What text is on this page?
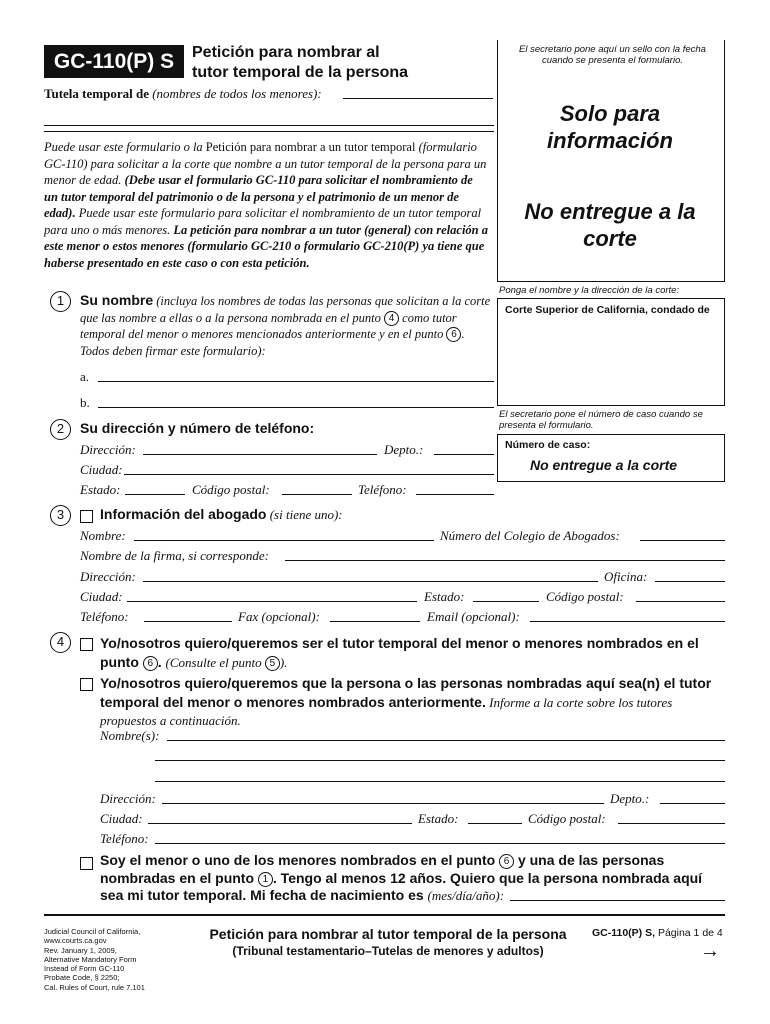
GC-110(P) S	Petición para nombrar al
tutor temporal de la persona
El secretario pone aquí un sello con la fecha cuando se presenta el formulario.
Solo para información
No entregue a la corte
Tutela temporal de (nombres de todos los menores):
Puede usar este formulario o la Petición para nombrar a un tutor temporal (formulario GC-110) para solicitar a la corte que nombre a un tutor temporal de la persona para un menor de edad. (Debe usar el formulario GC-110 para solicitar el nombramiento de un tutor temporal del patrimonio o de la persona y el patrimonio de un menor de edad). Puede usar este formulario para solicitar el nombramiento de un tutor temporal para uno o más menores. La petición para nombrar a un tutor (general) con relación a este menor o estos menores (formulario GC-210 o formulario GC-210(P) ya tiene que haberse presentado en este caso o con esta petición.
Ponga el nombre y la dirección de la corte:
Corte Superior de California, condado de
El secretario pone el número de caso cuando se presenta el formulario.
Número de caso:
No entregue a la corte
1	Su nombre (incluya los nombres de todas las personas que solicitan a la corte que las nombre a ellas o a la persona nombrada en el punto 4 como tutor temporal del menor o menores mencionados anteriormente y en el punto 6 . Todos deben firmar este formulario):
a.
b.
2	Su dirección y número de teléfono:
Dirección:	Depto.:
Ciudad:
Estado:	Código postal:	Teléfono:
3	Información del abogado (si tiene uno):
Nombre:	Número del Colegio de Abogados:
Nombre de la firma, si corresponde:
Dirección:	Oficina:
Ciudad:	Estado:	Código postal:
Teléfono:	Fax (opcional):	Email (opcional):
4	Yo/nosotros quiero/queremos ser el tutor temporal del menor o menores nombrados en el punto 6 . (Consulte el punto 5 ).
Yo/nosotros quiero/queremos que la persona o las personas nombradas aquí sea(n) el tutor temporal del menor o menores nombrados anteriormente. Informe a la corte sobre los tutores propuestos a continuación.
Nombre(s):
Dirección:	Depto.:
Ciudad:	Estado:	Código postal:
Teléfono:
Soy el menor o uno de los menores nombrados en el punto 6 y una de las personas nombradas en el punto 1 . Tengo al menos 12 años. Quiero que la persona nombrada aquí sea mi tutor temporal. Mi fecha de nacimiento es (mes/día/año):
Judicial Council of California,
www.courts.ca.gov
Rev. January 1, 2009,
Alternative Mandatory Form
Instead of Form GC-110
Probate Code, § 2250;
Cal. Rules of Court, rule 7.101
Petición para nombrar al tutor temporal de la persona
(Tribunal testamentario–Tutelas de menores y adultos)
GC-110(P) S, Página 1 de 4
→
